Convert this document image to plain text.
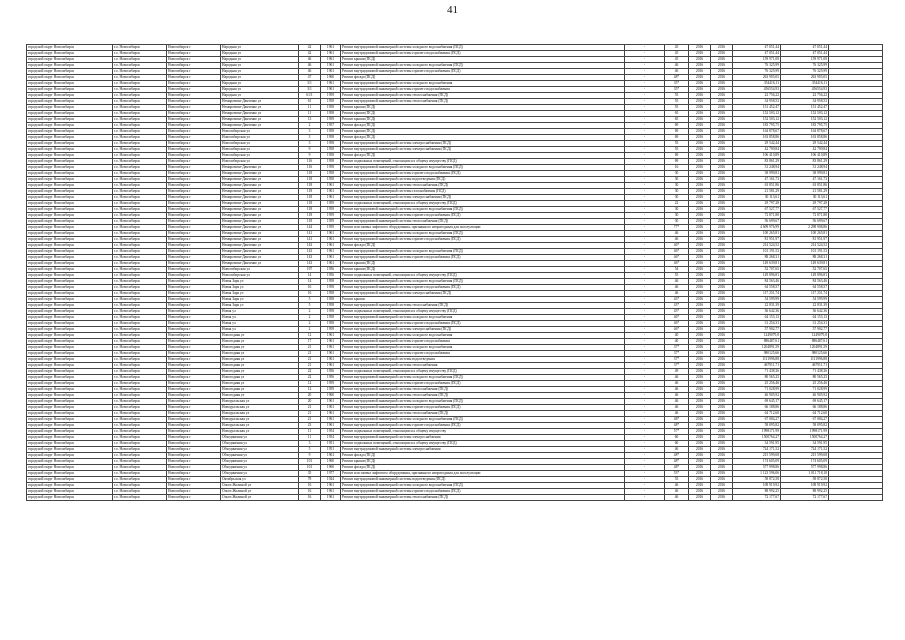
41
городской округ Новосибирск	г.о. Новосибирск	Новосибирск г	Народная ул	42	1961	Ремонт внутридомовой инженерной системы холодного водоснабжения (ПСД)	-	45	2016	2016	47 051,44	47 051,44	
городской округ Новосибирск	г.о. Новосибирск	Новосибирск г	Народная ул	42	1961	Ремонт внутридомовой инженерной системы горячего водоснабжения (ПСД)	-	45	2016	2016	47 051,44	47 051,44	
городской округ Новосибирск	г.о. Новосибирск	Новосибирск г	Народная ул	46	1961	Ремонт крыши (ПСД)	-	45	2016	2016	159 971,08	159 971,08	
городской округ Новосибирск	г.о. Новосибирск	Новосибирск г	Народная ул	46	1961	Ремонт внутридомовой инженерной системы холодного водоснабжения (ПСД)	-	46	2016	2016	76 325,99	76 325,99	
городской округ Новосибирск	г.о. Новосибирск	Новосибирск г	Народная ул	46	1961	Ремонт внутридомовой инженерной системы горячего водоснабжения (ПСД)	-	46	2016	2016	76 325,99	76 325,99	
городской округ Новосибирск	г.о. Новосибирск	Новосибирск г	Народная ул	47	1960	Ремонт фасада (ПСД)	-	48*	2016	2016	263 905,05	263 905,05	
городской округ Новосибирск	г.о. Новосибирск	Новосибирск г	Народная ул	3/1	1961	Ремонт внутридомовой инженерной системы холодного водоснабжения	-	35*	2016	2016	354416,11	354416,11	
городской округ Новосибирск	г.о. Новосибирск	Новосибирск г	Народная ул	3/1	1961	Ремонт внутридомовой инженерной системы горячего водоснабжения	-	35*	2016	2016	456554,93	456554,93	
городской округ Новосибирск	г.о. Новосибирск	Новосибирск г	Народная ул	61/1	1959	Ремонт внутридомовой инженерной системы теплоснабжения (ПСД)	-	55	2016	2016	22 756,22	22 756,22	
городской округ Новосибирск	г.о. Новосибирск	Новосибирск г	Немировича-Данченко ул	61	1958	Ремонт внутридомовой инженерной системы теплоснабжения (ПСД)	-	55	2016	2016	34 958,53	34 958,53	
городской округ Новосибирск	г.о. Новосибирск	Новосибирск г	Немировича-Данченко ул	11	1958	Ремонт крыши (ПСД)	-	55	2016	2016	151 452,47	151 452,47	
городской округ Новосибирск	г.о. Новосибирск	Новосибирск г	Немировича-Данченко ул	11	1958	Ремонт крыши (ПСД)	-	65	2016	2016	152 503,12	152 503,12	
городской округ Новосибирск	г.о. Новосибирск	Новосибирск г	Немировича-Данченко ул	13	1959	Ремонт крыши (ПСД)	-	65	2016	2016	152 503,12	152 503,12	
городской округ Новосибирск	г.о. Новосибирск	Новосибирск г	Немировича-Данченко ул	2	1957	Ремонт фасада (ПСД)	-	69	2016	2016	183 795,75	183 795,75	
городской округ Новосибирск	г.о. Новосибирск	Новосибирск г	Новосибирская ул	3	1958	Ремонт крыши (ПСД)	-	69	2016	2016	164 878,67	164 878,67	
городской округ Новосибирск	г.о. Новосибирск	Новосибирск г	Новосибирская ул	3	1958	Ремонт фасада (ПСД)	-	69	2016	2016	163 858,86	163 858,86	
городской округ Новосибирск	г.о. Новосибирск	Новосибирск г	Новосибирская ул	3	1958	Ремонт внутридомовой инженерной системы электроснабжения (ПСД)	-	55	2016	2016	29 542,44	29 542,44	
городской округ Новосибирск	г.о. Новосибирск	Новосибирск г	Новосибирская ул	9	1958	Ремонт внутридомовой инженерной системы электроснабжения (ПСД)	-	55	2016	2016	42 709,84	42 709,84	
городской округ Новосибирск	г.о. Новосибирск	Новосибирск г	Новосибирская ул	9	1958	Ремонт фасада (ПСД)	-	69	2016	2016	106 410,89	106 410,89	
городской округ Новосибирск	г.о. Новосибирск	Новосибирск г	Новосибирская ул	116	1958	Ремонт подвальных помещений, относящихся к общему имуществу (ПСД)	-	69	2016	2016	83 861,29	83 861,29	
городской округ Новосибирск	г.о. Новосибирск	Новосибирск г	Немировича-Данченко ул	116	1958	Ремонт внутридомовой инженерной системы холодного водоснабжения (ПСД)	-	16	2016	2016	31 248,94	31 248,94	
городской округ Новосибирск	г.о. Новосибирск	Новосибирск г	Немировича-Данченко ул	118	1958	Ремонт внутридомовой инженерной системы горячего водоснабжения (ПСД)	-	30	2016	2016	38 999,81	38 999,81	
городской округ Новосибирск	г.о. Новосибирск	Новосибирск г	Немировича-Данченко ул	118	1958	Ремонт внутридомовой инженерной системы водоотведения (ПСД)	-	30	2016	2016	47 161,73	47 161,73	
городской округ Новосибирск	г.о. Новосибирск	Новосибирск г	Немировича-Данченко ул	118	1961	Ремонт внутридомовой инженерной системы теплоснабжения (ПСД)	-	30	2016	2016	63 851,86	63 851,86	
городской округ Новосибирск	г.о. Новосибирск	Новосибирск г	Немировича-Данченко ул	118	1961	Ремонт внутридомовой инженерной системы газоснабжения (ПСД)	-	30	2016	2016	21 581,29	21 581,29	
городской округ Новосибирск	г.о. Новосибирск	Новосибирск г	Немировича-Данченко ул	118	1961	Ремонт внутридомовой инженерной системы электроснабжения (ПСД)	-	30	2016	2016	30 113,61	30 113,61	
городской округ Новосибирск	г.о. Новосибирск	Новосибирск г	Немировича-Данченко ул	118	1959	Ремонт подвальных помещений, относящихся к общему имуществу (ПСД)	-	22	2016	2016	29 797,28	29 797,28	
городской округ Новосибирск	г.о. Новосибирск	Новосибирск г	Немировича-Данченко ул	118	1959	Ремонт внутридомовой инженерной системы холодного водоснабжения (ПСД)	-	30	2016	2016	67 527,77	67 527,77	
городской округ Новосибирск	г.о. Новосибирск	Новосибирск г	Немировича-Данченко ул	118	1959	Ремонт внутридомовой инженерной системы горячего водоснабжения (ПСД)	-	30	2016	2016	72 871,88	72 871,88	
городской округ Новосибирск	г.о. Новосибирск	Новосибирск г	Немировича-Данченко ул	118	1959	Ремонт внутридомовой инженерной системы теплоснабжения (ПСД)	-	30	2016	2016	56 699,67	56 699,67	
городской округ Новосибирск	г.о. Новосибирск	Новосибирск г	Немировича-Данченко ул	144	1959	Ремонт или замена лифтового оборудования, признанного непригодным для эксплуатации	-	77*	2016	2016	4 609 976,99	2 298 908,86	
городской округ Новосибирск	г.о. Новосибирск	Новосибирск г	Немировича-Данченко ул	141	1961	Ремонт внутридомовой инженерной системы холодного водоснабжения (ПСД)	-	46	2016	2016	100 265,81	100 265,81	
городской округ Новосибирск	г.о. Новосибирск	Новосибирск г	Немировича-Данченко ул	141	1961	Ремонт внутридомовой инженерной системы горячего водоснабжения (ПСД)	-	46	2016	2016	81 951,97	81 951,97	
городской округ Новосибирск	г.о. Новосибирск	Новосибирск г	Немировича-Данченко ул	143	1961	Ремонт фасада (ПСД)	-	46*	2016	2016	214 524,52	214 524,52	
городской округ Новосибирск	г.о. Новосибирск	Новосибирск г	Немировича-Данченко ул	143	1961	Ремонт внутридомовой инженерной системы холодного водоснабжения (ПСД)	-	46*	2016	2016	101 191,53	101 191,53	
городской округ Новосибирск	г.о. Новосибирск	Новосибирск г	Немировича-Данченко ул	143	1961	Ремонт внутридомовой инженерной системы горячего водоснабжения (ПСД)	-	46*	2016	2016	88 268,31	88 268,31	
городской округ Новосибирск	г.о. Новосибирск	Новосибирск г	Немировича-Данченко ул	143	1961	Ремонт крыши (ПСД)	-	46*	2016	2016	149 639,81	149 639,81	
городской округ Новосибирск	г.о. Новосибирск	Новосибирск г	Новосибирская ул	197	1956	Ремонт крыши (ПСД)	-	54	2016	2016	52 707,65	52 707,65	
городской округ Новосибирск	г.о. Новосибирск	Новосибирск г	Новосибирская ул	14	1956	Ремонт подвальных помещений, относящихся к общему имуществу (ПСД)	-	55	2016	2016	149 896,81	149 896,81	
городской округ Новосибирск	г.о. Новосибирск	Новосибирск г	Новая Заря ул	14	1958	Ремонт внутридомовой инженерной системы холодного водоснабжения (ПСД)	-	46	2016	2016	84 563,46	84 563,46	
городской округ Новосибирск	г.о. Новосибирск	Новосибирск г	Новая Заря ул	16	1958	Ремонт внутридомовой инженерной системы горячего водоснабжения (ПСД)	-	46	2016	2016	64 558,57	64 558,57	
городской округ Новосибирск	г.о. Новосибирск	Новосибирск г	Новая Заря ул	16	1958	Ремонт внутридомовой инженерной системы электроснабжения (ПСД)	-	46	2016	2016	117 251,74	117 251,74	
городской округ Новосибирск	г.о. Новосибирск	Новосибирск г	Новая Заря ул	5	1958	Ремонт крыши	-	43*	2016	2016	54 599,99	54 599,99	
городской округ Новосибирск	г.о. Новосибирск	Новосибирск г	Новая Заря ул	5	1958	Ремонт внутридомовой инженерной системы теплоснабжения (ПСД)	-	43*	2016	2016	22 831,39	22 831,39	
городской округ Новосибирск	г.о. Новосибирск	Новосибирск г	Новая ул	2	1958	Ремонт подвальных помещений, относящихся к общему имуществу (ПСД)	-	43*	2016	2016	36 642,36	36 642,36	
городской округ Новосибирск	г.о. Новосибирск	Новосибирск г	Новая ул	2	1958	Ремонт внутридомовой инженерной системы холодного водоснабжения	-	46*	2016	2016	64 153,13	64 153,13	
городской округ Новосибирск	г.о. Новосибирск	Новосибирск г	Новая ул	2	1958	Ремонт внутридомовой инженерной системы горячего водоснабжения (ПСД)	-	46*	2016	2016	31 254,31	31 254,31	
городской округ Новосибирск	г.о. Новосибирск	Новосибирск г	Новая ул	2	1959	Ремонт внутридомовой инженерной системы электроснабжения (ПСД)	-	46*	2016	2016	57 902,77	57 902,77	
городской округ Новосибирск	г.о. Новосибирск	Новосибирск г	Новогодняя ул	12	1961	Ремонт внутридомовой инженерной системы холодного водоснабжения	-	40	2016	2016	1249079,8	1249079,8	
городской округ Новосибирск	г.о. Новосибирск	Новосибирск г	Новогодняя ул	17	1961	Ремонт внутридомовой инженерной системы горячего водоснабжения	-	40	2016	2016	886487,61	886487,61	
городской округ Новосибирск	г.о. Новосибирск	Новосибирск г	Новогодняя ул	21	1961	Ремонт внутридомовой инженерной системы холодного водоснабжения	-	37*	2016	2016	1204891,59	1204891,59	
городской округ Новосибирск	г.о. Новосибирск	Новосибирск г	Новогодняя ул	21	1961	Ремонт внутридомовой инженерной системы горячего водоснабжения	-	37*	2016	2016	980125,66	980125,66	
городской округ Новосибирск	г.о. Новосибирск	Новосибирск г	Новогодняя ул	21	1961	Ремонт внутридомовой инженерной системы водоотведения	-	37*	2016	2016	1111996,88	1111996,88	
городской округ Новосибирск	г.о. Новосибирск	Новосибирск г	Новогодняя ул	21	1961	Ремонт внутридомовой инженерной системы теплоснабжения	-	37*	2016	2016	467911,71	467911,71	
городской округ Новосибирск	г.о. Новосибирск	Новосибирск г	Новогодняя ул	22	1956	Ремонт подвальных помещений, относящихся к общему имуществу (ПСД)	-	49	2016	2016	71 438,36	71 438,36	
городской округ Новосибирск	г.о. Новосибирск	Новосибирск г	Новогодняя ул	22	1956	Ремонт внутридомовой инженерной системы холодного водоснабжения (ПСД)	-	46	2016	2016	80 565,25	80 565,25	
городской округ Новосибирск	г.о. Новосибирск	Новосибирск г	Новогодняя ул	12	1959	Ремонт внутридомовой инженерной системы горячего водоснабжения (ПСД)	-	46	2016	2016	25 256,46	25 256,46	
городской округ Новосибирск	г.о. Новосибирск	Новосибирск г	Новогодняя ул	12	1959	Ремонт внутридомовой инженерной системы теплоснабжения (ПСД)	-	46	2016	2016	71 028,99	71 028,99	
городской округ Новосибирск	г.о. Новосибирск	Новосибирск г	Новогодняя ул	20	1960	Ремонт внутридомовой инженерной системы теплоснабжения (ПСД)	-	46	2016	2016	46 905,92	46 905,92	
городской округ Новосибирск	г.о. Новосибирск	Новосибирск г	Новоуральская ул	20	1961	Ремонт внутридомовой инженерной системы холодного водоснабжения (ПСД)	-	46	2016	2016	69 645,17	69 645,17	
городской округ Новосибирск	г.о. Новосибирск	Новосибирск г	Новоуральская ул	21	1961	Ремонт внутридомовой инженерной системы горячего водоснабжения (ПСД)	-	46	2016	2016	66 188,86	66 188,86	
городской округ Новосибирск	г.о. Новосибирск	Новосибирск г	Новоуральская ул	21	1961	Ремонт внутридомовой инженерной системы теплоснабжения (ПСД)	-	46	2016	2016	64 712,60	64 712,60	
городской округ Новосибирск	г.о. Новосибирск	Новосибирск г	Новоуральская ул	21	1961	Ремонт внутридомовой инженерной системы холодного водоснабжения (ПСД)	-	48*	2016	2016	67 084,27	67 084,27	
городской округ Новосибирск	г.о. Новосибирск	Новосибирск г	Новоуральская ул	23	1961	Ремонт внутридомовой инженерной системы горячего водоснабжения (ПСД)	-	48*	2016	2016	58 095,82	58 095,82	
городской округ Новосибирск	г.о. Новосибирск	Новосибирск г	Новоуральская ул	11	1954	Ремонт подвальных помещений, относящихся к общему имуществу	-	57*	2016	2016	1998171,99	1998171,99	
городской округ Новосибирск	г.о. Новосибирск	Новосибирск г	Объединения ул	11	1954	Ремонт внутридомовой инженерной системы электроснабжения	-	60	2016	2016	1500764,27	1500764,27	
городской округ Новосибирск	г.о. Новосибирск	Новосибирск г	Объединения ул	3	1951	Ремонт подвальных помещений, относящихся к общему имуществу (ПСД)	-	60	2016	2016	34 591,95	34 591,95	
городской округ Новосибирск	г.о. Новосибирск	Новосибирск г	Объединения ул	5	1951	Ремонт внутридомовой инженерной системы электроснабжения	-	46	2016	2016	724 171,52	724 171,52	
городской округ Новосибирск	г.о. Новосибирск	Новосибирск г	Объединения ул	9	1961	Ремонт фасада (ПСД)	-	48*	2016	2016	215 599,68	215 599,68	
городской округ Новосибирск	г.о. Новосибирск	Новосибирск г	Объединения ул	101	1960	Ремонт крыши (ПСД)	-	48*	2016	2016	174 605,09	174 605,09	
городской округ Новосибирск	г.о. Новосибирск	Новосибирск г	Объединения ул	101	1960	Ремонт фасада (ПСД)	-	48*	2016	2016	577 998,86	577 998,86	
городской округ Новосибирск	г.о. Новосибирск	Новосибирск г	Объединения ул	35	1977	Ремонт или замена лифтового оборудования, признанного непригодным для эксплуатации	-	53*	2016	2016	1 123 596,06	1 011 718,18	
городской округ Новосибирск	г.о. Новосибирск	Новосибирск г	Октябрьская ул	78	1924	Ремонт внутридомовой инженерной системы водоотведения (ПСД)	-	55	2016	2016	58 872,58	58 872,58	
городской округ Новосибирск	г.о. Новосибирск	Новосибирск г	Ольги Жилиной ул	16	1961	Ремонт внутридомовой инженерной системы холодного водоснабжения (ПСД)	-	46	2016	2016	108 919,92	108 919,92	
городской округ Новосибирск	г.о. Новосибирск	Новосибирск г	Ольги Жилиной ул	16	1961	Ремонт внутридомовой инженерной системы горячего водоснабжения (ПСД)	-	46	2016	2016	88 992,25	88 992,25	
городской округ Новосибирск	г.о. Новосибирск	Новосибирск г	Ольги Жилиной ул	16	1961	Ремонт внутридомовой инженерной системы теплоснабжения (ПСД)	-	46	2016	2016	72 177,67	72 177,67	
